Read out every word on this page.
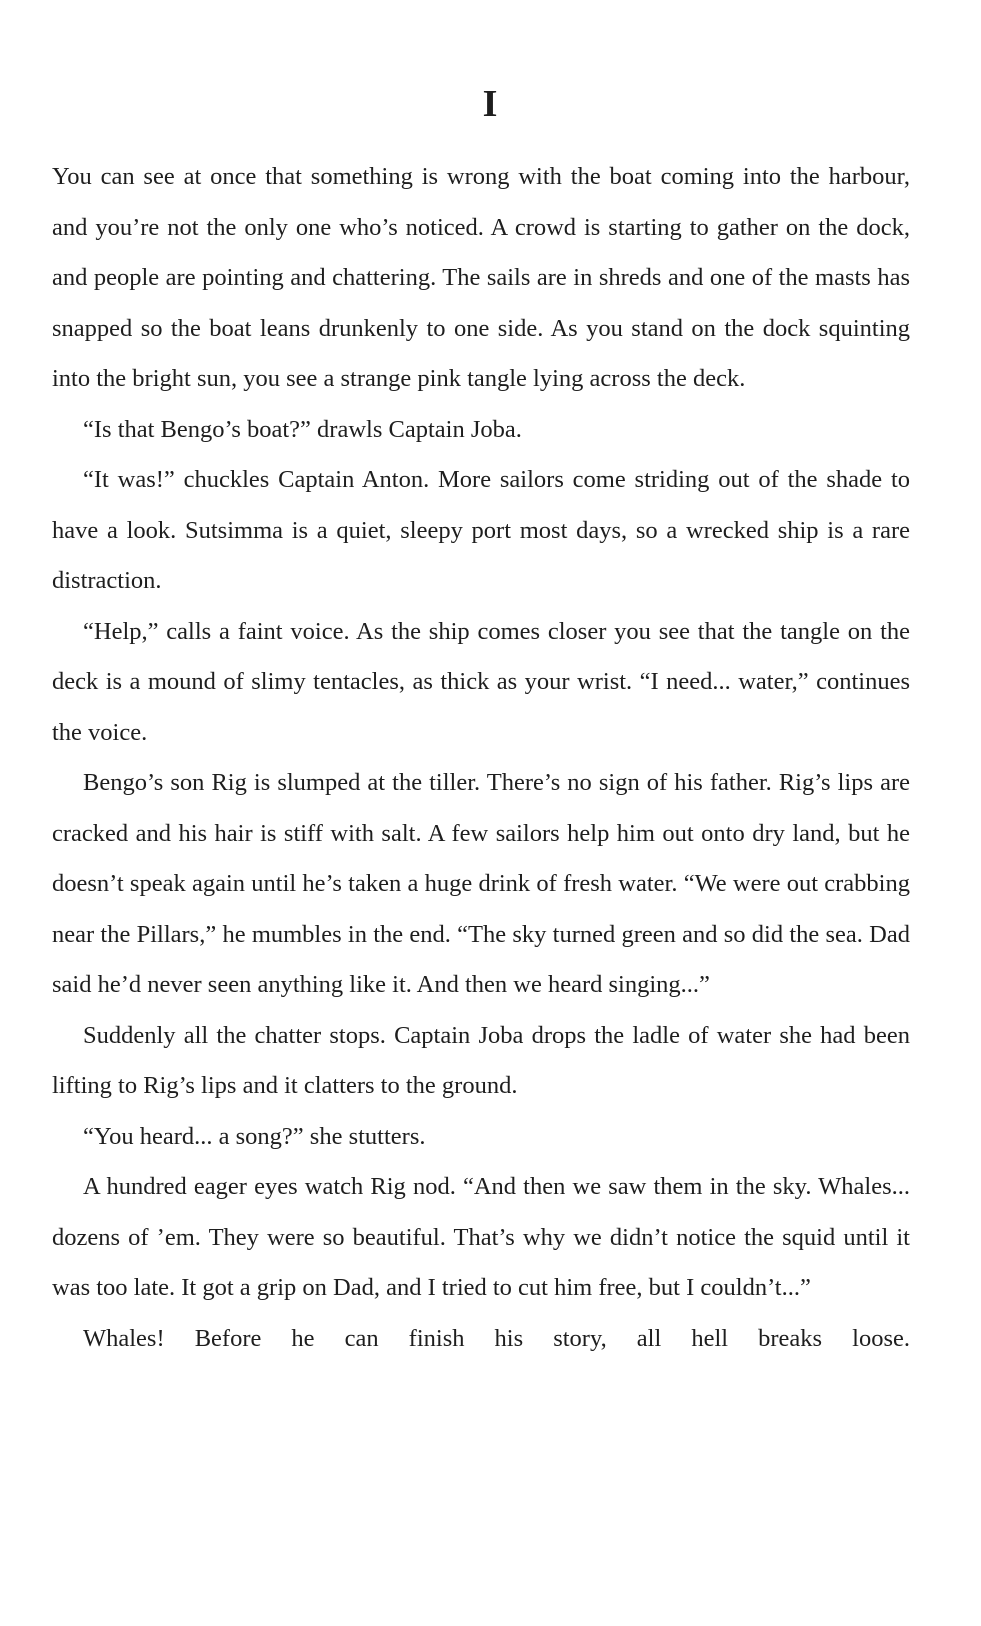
I

You can see at once that something is wrong with the boat coming into the harbour, and you’re not the only one who’s noticed. A crowd is starting to gather on the dock, and people are pointing and chattering. The sails are in shreds and one of the masts has snapped so the boat leans drunkenly to one side. As you stand on the dock squinting into the bright sun, you see a strange pink tangle lying across the deck.

“Is that Bengo’s boat?” drawls Captain Joba.

“It was!” chuckles Captain Anton. More sailors come striding out of the shade to have a look. Sutsimma is a quiet, sleepy port most days, so a wrecked ship is a rare distraction.

“Help,” calls a faint voice. As the ship comes closer you see that the tangle on the deck is a mound of slimy tentacles, as thick as your wrist. “I need... water,” continues the voice.

Bengo’s son Rig is slumped at the tiller. There’s no sign of his father. Rig’s lips are cracked and his hair is stiff with salt. A few sailors help him out onto dry land, but he doesn’t speak again until he’s taken a huge drink of fresh water. “We were out crabbing near the Pillars,” he mumbles in the end. “The sky turned green and so did the sea. Dad said he’d never seen anything like it. And then we heard singing...”

Suddenly all the chatter stops. Captain Joba drops the ladle of water she had been lifting to Rig’s lips and it clatters to the ground.

“You heard... a song?” she stutters.

A hundred eager eyes watch Rig nod. “And then we saw them in the sky. Whales... dozens of ’em. They were so beautiful. That’s why we didn’t notice the squid until it was too late. It got a grip on Dad, and I tried to cut him free, but I couldn’t...”

Whales! Before he can finish his story, all hell breaks loose.
